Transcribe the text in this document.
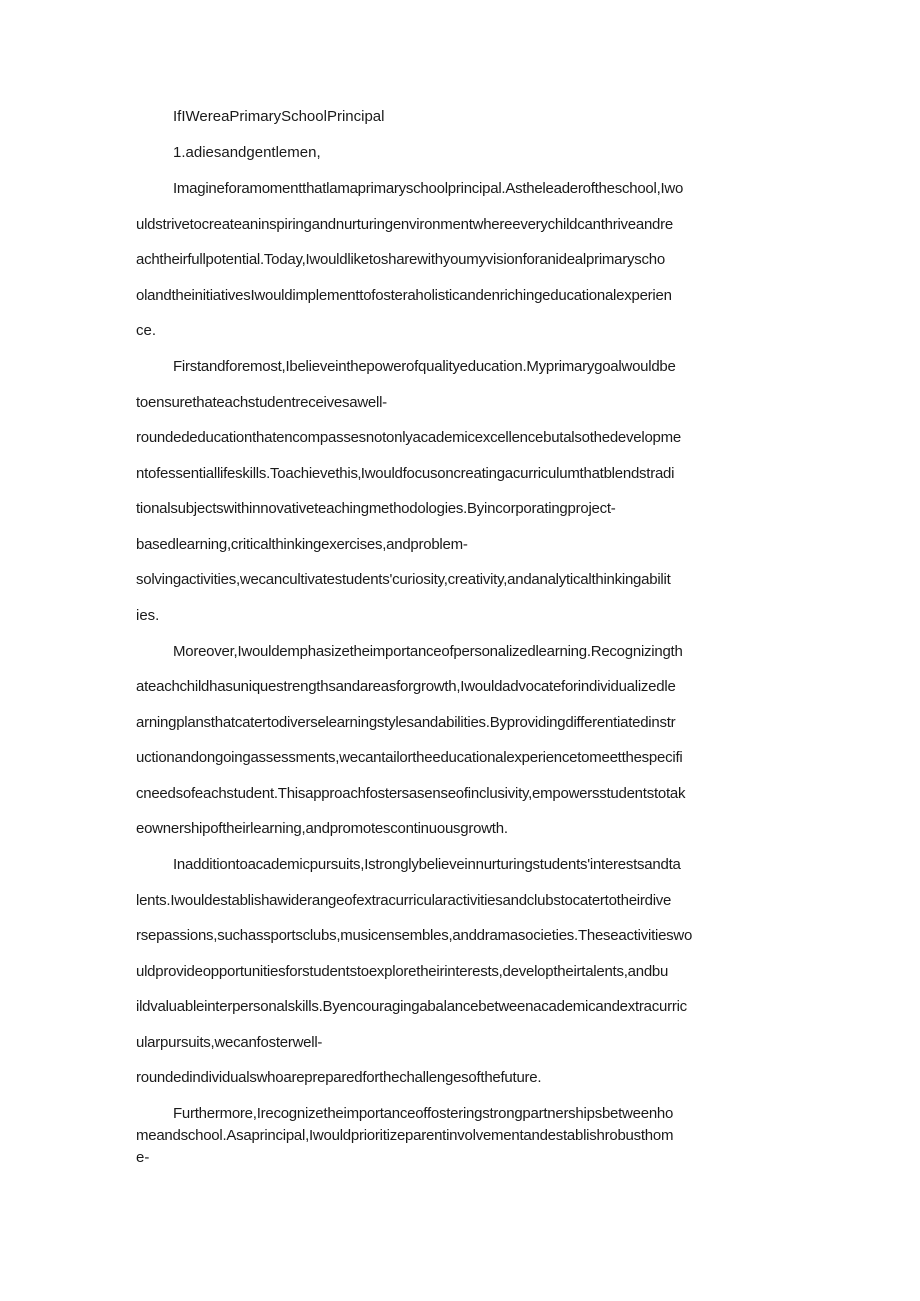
IfIWereaPrimarySchoolPrincipal
1.adiesandgentlemen,
Imagineforamomentthatlamaprimaryschoolprincipal.Astheleaderoftheschool,Iwo
uldstrivetocreateaninspiringandnurturingenvironmentwhereeverychildcanthriveandre
achtheirfullpotential.Today,Iwouldliketosharewithyoumyvisionforanidealprimaryscho
olandtheinitiativesIwouldimplementtofosteraholisticandenrichingeducationalexperien
ce.
Firstandforemost,Ibelieveinthepowerofqualityeducation.Myprimarygoalwouldbe
toensurethateachstudentreceivesawell-
roundededucationthatencompassesnotonlyacademicexcellencebutalsothedevelopme
ntofessentiallifeskills.Toachievethis‚Iwouldfocusoncreatingacurriculumthatblendstradi
tionalsubjectswithinnovativeteachingmethodologies.Byincorporatingproject-
basedlearning,criticalthinkingexercises,andproblem-
solvingactivities,wecancultivatestudents'curiosity,creativity,andanalyticalthinkingabilit
ies.
Moreover,Iwouldemphasizetheimportanceofpersonalizedlearning.Recognizingth
ateachchildhasuniquestrengthsandareasforgrowth,Iwouldadvocateforindividualizedle
arningplansthatcatertodiverselearningstylesandabilities.Byprovidingdifferentiatedinstr
uctionandongoingassessments,wecantailortheeducationalexperiencetomeetthespecifi
cneedsofeachstudent.Thisapproachfostersasenseofinclusivity,empowersstudentstotak
eownershipoftheirlearning,andpromotescontinuousgrowth.
Inadditiontoacademicpursuits,Istronglybelieveinnurturingstudents'interestsandta
lents.Iwouldestablishawiderangeofextracurricularactivitiesandclubstocatertotheirdive
rsepassions,suchassportsclubs,musicensembles,anddramasocieties.Theseactivitieswo
uldprovideopportunitiesforstudentstoexploretheirinterests,developtheirtalents,andbu
ildvaluableinterpersonalskills.Byencouragingabalancebetweenacademicandextracurric
ularpursuits,wecanfosterwell-
roundedindividualswhoarepreparedforthechallengesofthefuture.
Furthermore,Irecognizetheimportanceoffosteringstrongpartnershipsbetweenho
meandschool.Asaprincipal,Iwouldprioritizeparentinvolvementandestablishrobusthom
e-
